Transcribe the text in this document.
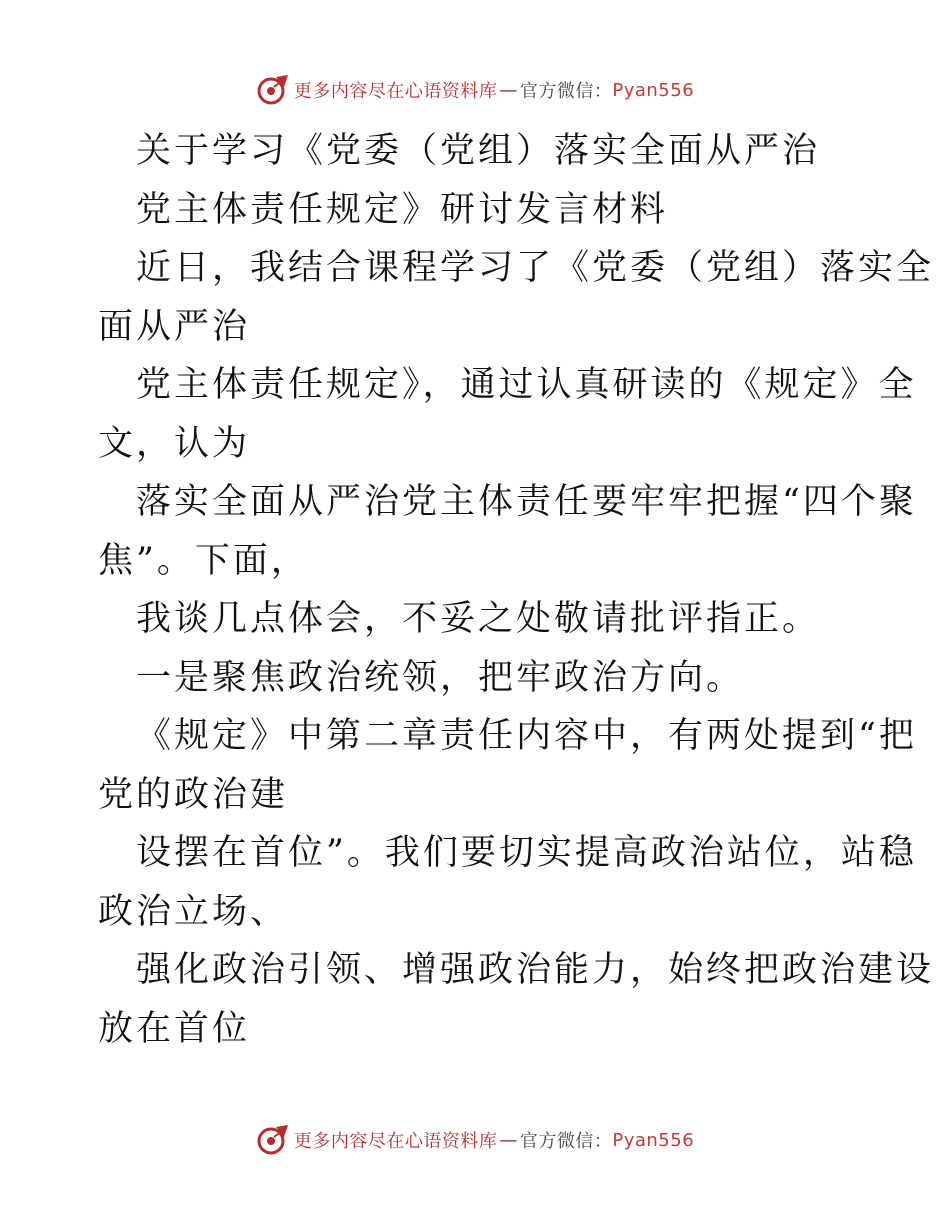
更多内容尽在心语资料库 — 官方微信： Pyan556

关于学习《党委（党组）落实全面从严治

党主体责任规定》研讨发言材料

近日，我结合课程学习了《党委（党组）落实全

面从严治

党主体责任规定》，通过认真研读的《规定》全

文，认为

落实全面从严治党主体责任要牢牢把握“四个聚

焦”。下面，

我谈几点体会，不妥之处敬请批评指正。

一是聚焦政治统领，把牢政治方向。

《规定》中第二章责任内容中，有两处提到“把

党的政治建

设摆在首位”。我们要切实提高政治站位，站稳

政治立场、

强化政治引领、增强政治能力，始终把政治建设

放在首位

更多内容尽在心语资料库 — 官方微信： Pyan556
